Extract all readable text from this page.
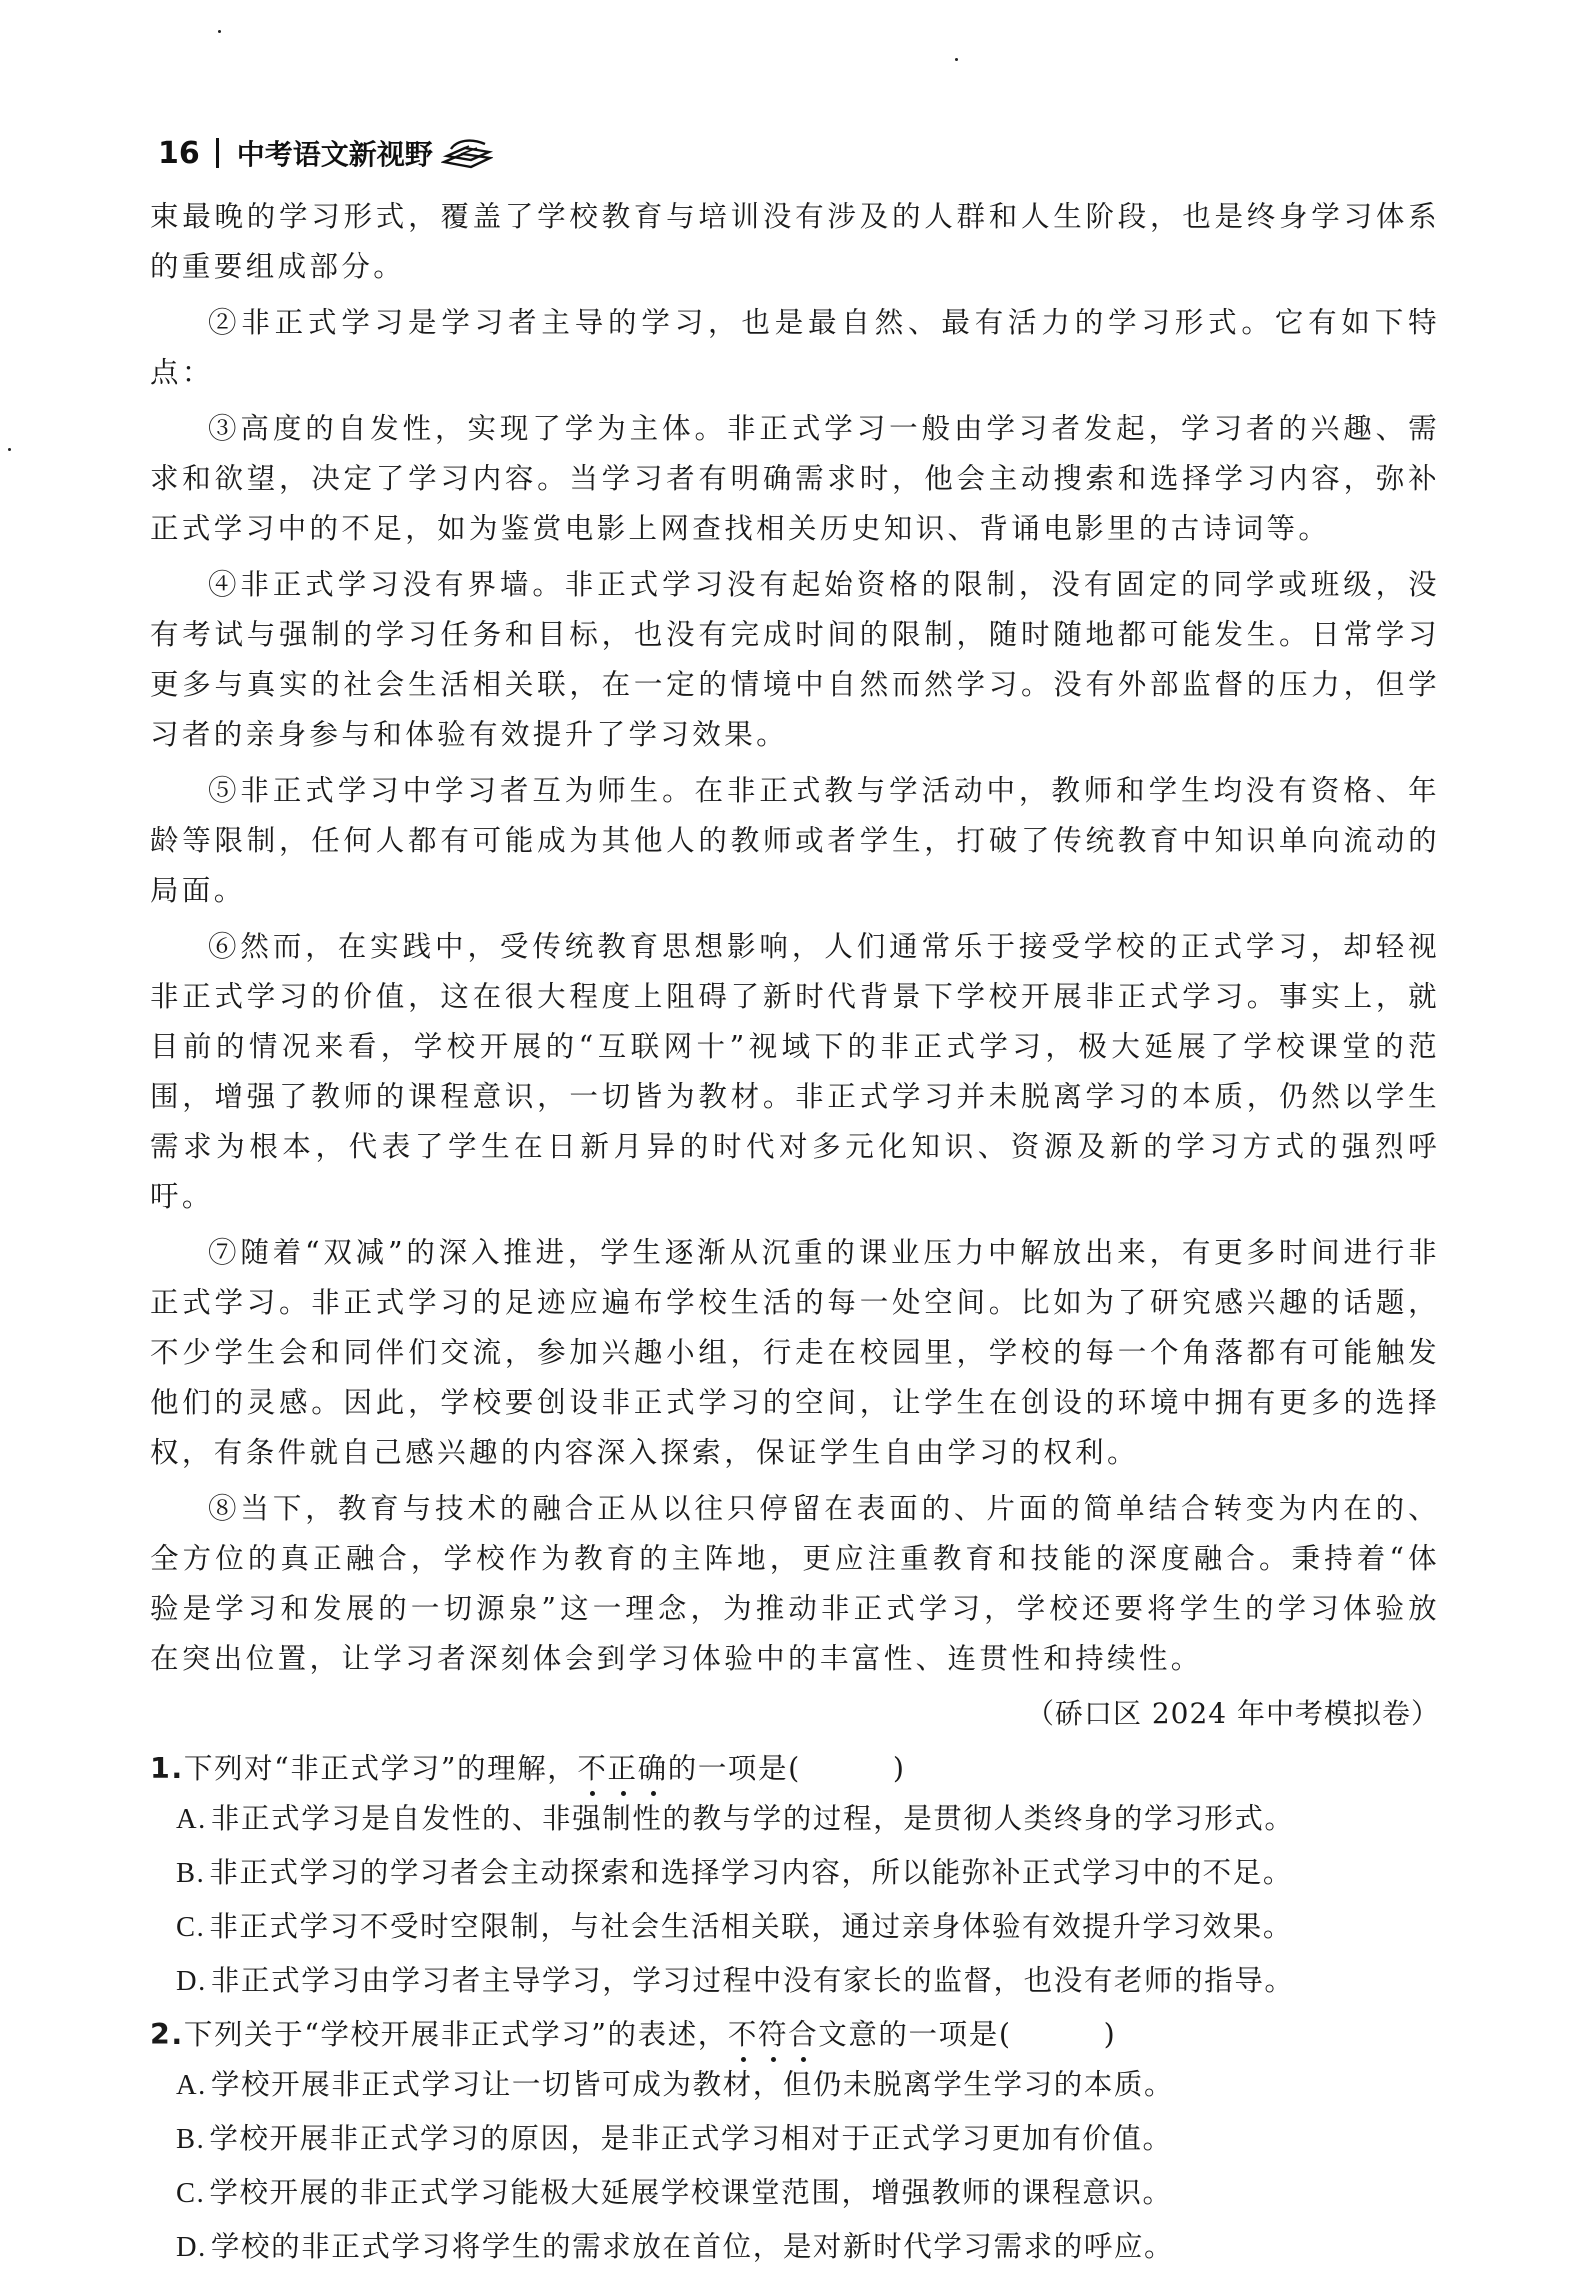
16 中考语文新视野

束最晚的学习形式，覆盖了学校教育与培训没有涉及的人群和人生阶段，也是终身学习体系的重要组成部分。

②非正式学习是学习者主导的学习，也是最自然、最有活力的学习形式。它有如下特点：

③高度的自发性，实现了学为主体。非正式学习一般由学习者发起，学习者的兴趣、需求和欲望，决定了学习内容。当学习者有明确需求时，他会主动搜索和选择学习内容，弥补正式学习中的不足，如为鉴赏电影上网查找相关历史知识、背诵电影里的古诗词等。

④非正式学习没有界墙。非正式学习没有起始资格的限制，没有固定的同学或班级，没有考试与强制的学习任务和目标，也没有完成时间的限制，随时随地都可能发生。日常学习更多与真实的社会生活相关联，在一定的情境中自然而然学习。没有外部监督的压力，但学习者的亲身参与和体验有效提升了学习效果。

⑤非正式学习中学习者互为师生。在非正式教与学活动中，教师和学生均没有资格、年龄等限制，任何人都有可能成为其他人的教师或者学生，打破了传统教育中知识单向流动的局面。

⑥然而，在实践中，受传统教育思想影响，人们通常乐于接受学校的正式学习，却轻视非正式学习的价值，这在很大程度上阻碍了新时代背景下学校开展非正式学习。事实上，就目前的情况来看，学校开展的“互联网十”视域下的非正式学习，极大延展了学校课堂的范围，增强了教师的课程意识，一切皆为教材。非正式学习并未脱离学习的本质，仍然以学生需求为根本，代表了学生在日新月异的时代对多元化知识、资源及新的学习方式的强烈呼吁。

⑦随着“双减”的深入推进，学生逐渐从沉重的课业压力中解放出来，有更多时间进行非正式学习。非正式学习的足迹应遍布学校生活的每一处空间。比如为了研究感兴趣的话题，不少学生会和同伴们交流，参加兴趣小组，行走在校园里，学校的每一个角落都有可能触发他们的灵感。因此，学校要创设非正式学习的空间，让学生在创设的环境中拥有更多的选择权，有条件就自己感兴趣的内容深入探索，保证学生自由学习的权利。

⑧当下，教育与技术的融合正从以往只停留在表面的、片面的简单结合转变为内在的、全方位的真正融合，学校作为教育的主阵地，更应注重教育和技能的深度融合。秉持着“体验是学习和发展的一切源泉”这一理念，为推动非正式学习，学校还要将学生的学习体验放在突出位置，让学习者深刻体会到学习体验中的丰富性、连贯性和持续性。

（硚口区 2024 年中考模拟卷）

1.下列对“非正式学习”的理解，不
正
确
的一项是(	)

A. 非正式学习是自发性的、非强制性的教与学的过程，是贯彻人类终身的学习形式。

B. 非正式学习的学习者会主动探索和选择学习内容，所以能弥补正式学习中的不足。

C. 非正式学习不受时空限制，与社会生活相关联，通过亲身体验有效提升学习效果。

D. 非正式学习由学习者主导学习，学习过程中没有家长的监督，也没有老师的指导。

2.下列关于“学校开展非正式学习”的表述，不
符
合
文意的一项是(	)

A. 学校开展非正式学习让一切皆可成为教材，但仍未脱离学生学习的本质。

B. 学校开展非正式学习的原因，是非正式学习相对于正式学习更加有价值。

C. 学校开展的非正式学习能极大延展学校课堂范围，增强教师的课程意识。

D. 学校的非正式学习将学生的需求放在首位，是对新时代学习需求的呼应。
